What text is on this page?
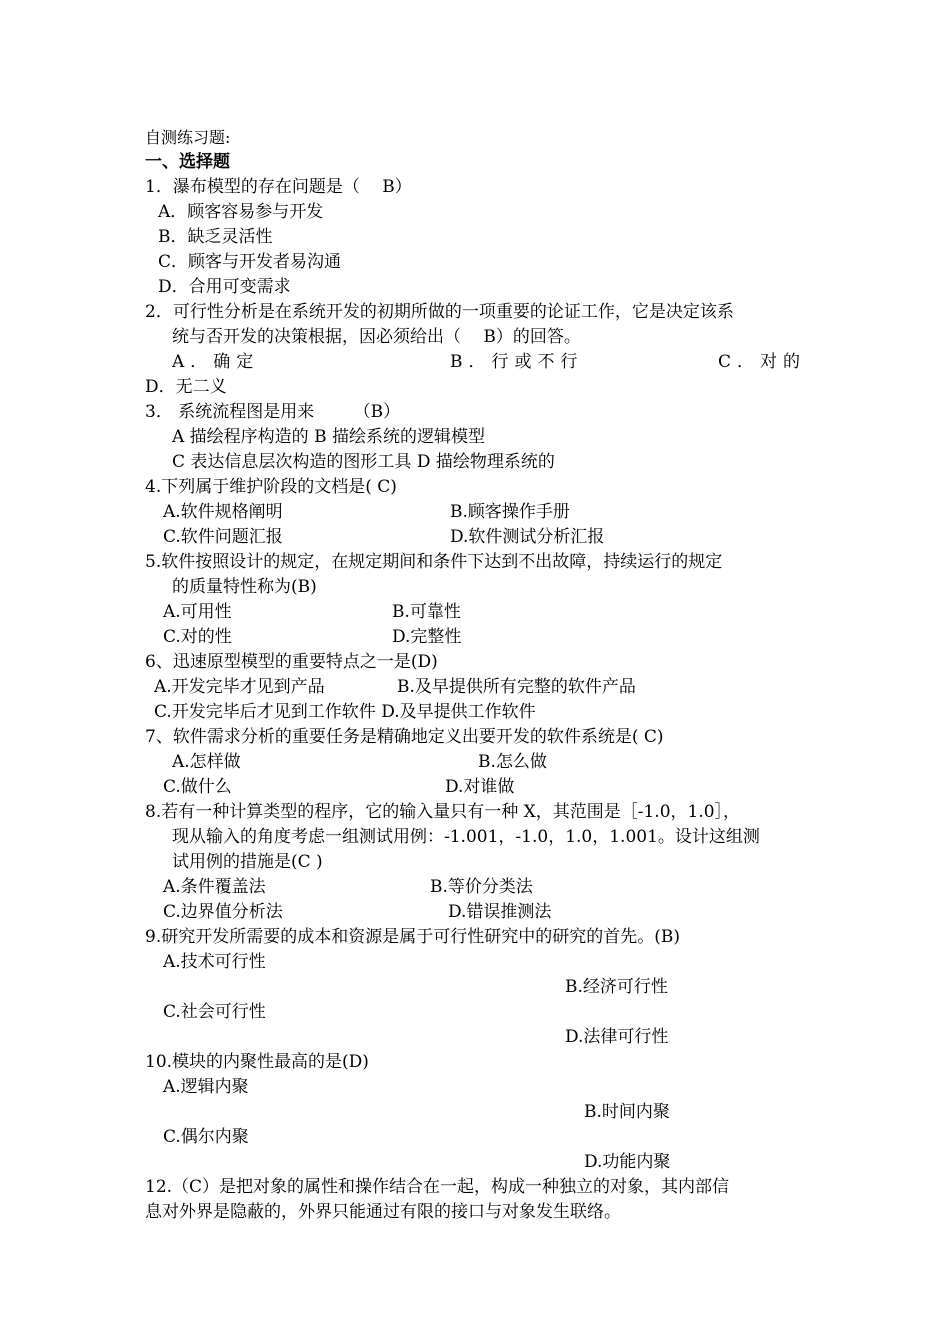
自测练习题:
一、选择题
1．瀑布模型的存在问题是（　 B）
A．顾客容易参与开发
B．缺乏灵活性
C．顾客与开发者易沟通
D．合用可变需求
2．可行性分析是在系统开发的初期所做的一项重要的论证工作，它是决定该系
统与否开发的决策根据，因必须给出（　 B）的回答。
A．确定	B．行或不行	C．对的
D．无二义
3． 系统流程图是用来　　 （B）
A 描绘程序构造的 B 描绘系统的逻辑模型
C 表达信息层次构造的图形工具 D 描绘物理系统的
4.下列属于维护阶段的文档是( C)
A.软件规格阐明	B.顾客操作手册
C.软件问题汇报	D.软件测试分析汇报
5.软件按照设计的规定，在规定期间和条件下达到不出故障，持续运行的规定
的质量特性称为(B)
A.可用性	B.可靠性
C.对的性	D.完整性
6、迅速原型模型的重要特点之一是(D)
A.开发完毕才见到产品	B.及早提供所有完整的软件产品
C.开发完毕后才见到工作软件 D.及早提供工作软件
7、软件需求分析的重要任务是精确地定义出要开发的软件系统是( C)
A.怎样做	B.怎么做
C.做什么	D.对谁做
8.若有一种计算类型的程序，它的输入量只有一种 X，其范围是［-1.0，1.0］，
现从输入的角度考虑一组测试用例：-1.001，-1.0，1.0，1.001。设计这组测
试用例的措施是(C )
A.条件覆盖法	B.等价分类法
C.边界值分析法	D.错误推测法
9.研究开发所需要的成本和资源是属于可行性研究中的研究的首先。(B)
A.技术可行性
B.经济可行性
C.社会可行性
D.法律可行性
10.模块的内聚性最高的是(D)
A.逻辑内聚
B.时间内聚
C.偶尔内聚
D.功能内聚
12.（C）是把对象的属性和操作结合在一起，构成一种独立的对象，其内部信
息对外界是隐蔽的，外界只能通过有限的接口与对象发生联络。
